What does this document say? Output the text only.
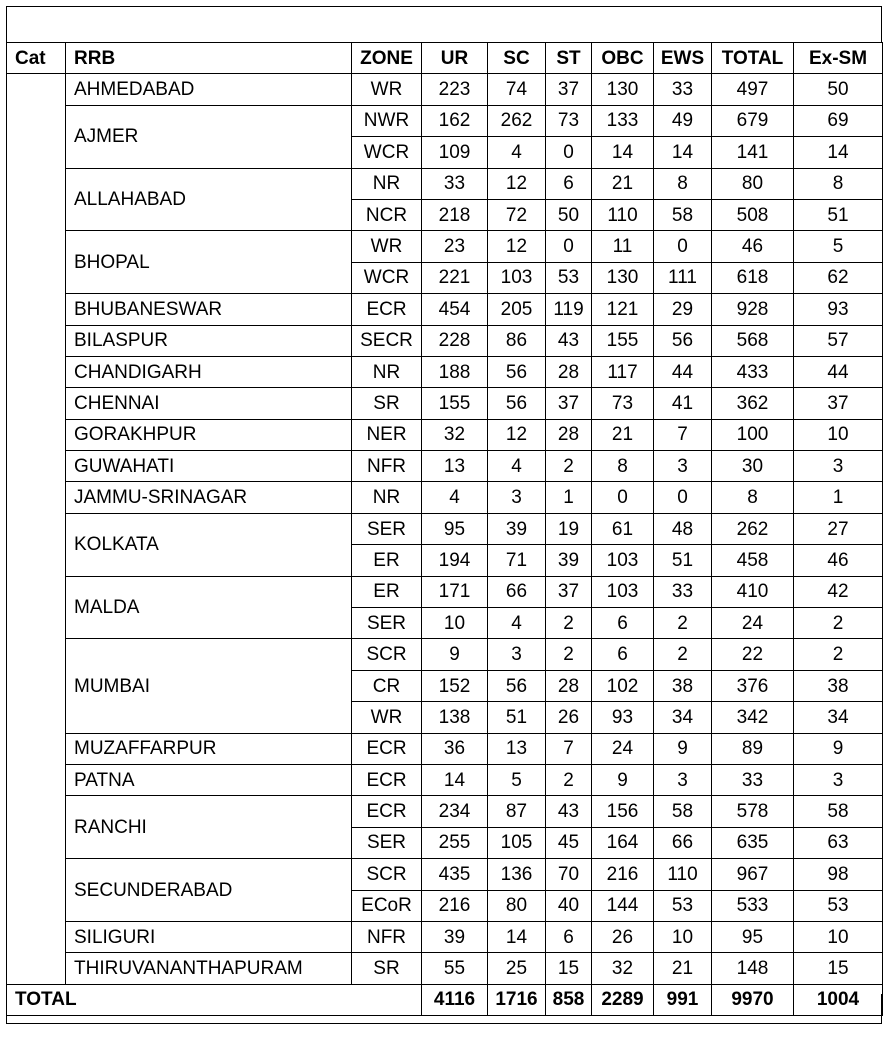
Cat	RRB	ZONE	UR	SC	ST	OBC	EWS	TOTAL	Ex-SM
	AHMEDABAD	WR	223	74	37	130	33	497	50
	AJMER	NWR	162	262	73	133	49	679	69
		WCR	109	4	0	14	14	141	14
	ALLAHABAD	NR	33	12	6	21	8	80	8
		NCR	218	72	50	110	58	508	51
	BHOPAL	WR	23	12	0	11	0	46	5
		WCR	221	103	53	130	111	618	62
	BHUBANESWAR	ECR	454	205	119	121	29	928	93
	BILASPUR	SECR	228	86	43	155	56	568	57
	CHANDIGARH	NR	188	56	28	117	44	433	44
	CHENNAI	SR	155	56	37	73	41	362	37
	GORAKHPUR	NER	32	12	28	21	7	100	10
	GUWAHATI	NFR	13	4	2	8	3	30	3
	JAMMU-SRINAGAR	NR	4	3	1	0	0	8	1
	KOLKATA	SER	95	39	19	61	48	262	27
		ER	194	71	39	103	51	458	46
	MALDA	ER	171	66	37	103	33	410	42
		SER	10	4	2	6	2	24	2
	MUMBAI	SCR	9	3	2	6	2	22	2
		CR	152	56	28	102	38	376	38
		WR	138	51	26	93	34	342	34
	MUZAFFARPUR	ECR	36	13	7	24	9	89	9
	PATNA	ECR	14	5	2	9	3	33	3
	RANCHI	ECR	234	87	43	156	58	578	58
		SER	255	105	45	164	66	635	63
	SECUNDERABAD	SCR	435	136	70	216	110	967	98
		ECoR	216	80	40	144	53	533	53
	SILIGURI	NFR	39	14	6	26	10	95	10
	THIRUVANANTHAPURAM	SR	55	25	15	32	21	148	15
TOTAL			4116	1716	858	2289	991	9970	1004
